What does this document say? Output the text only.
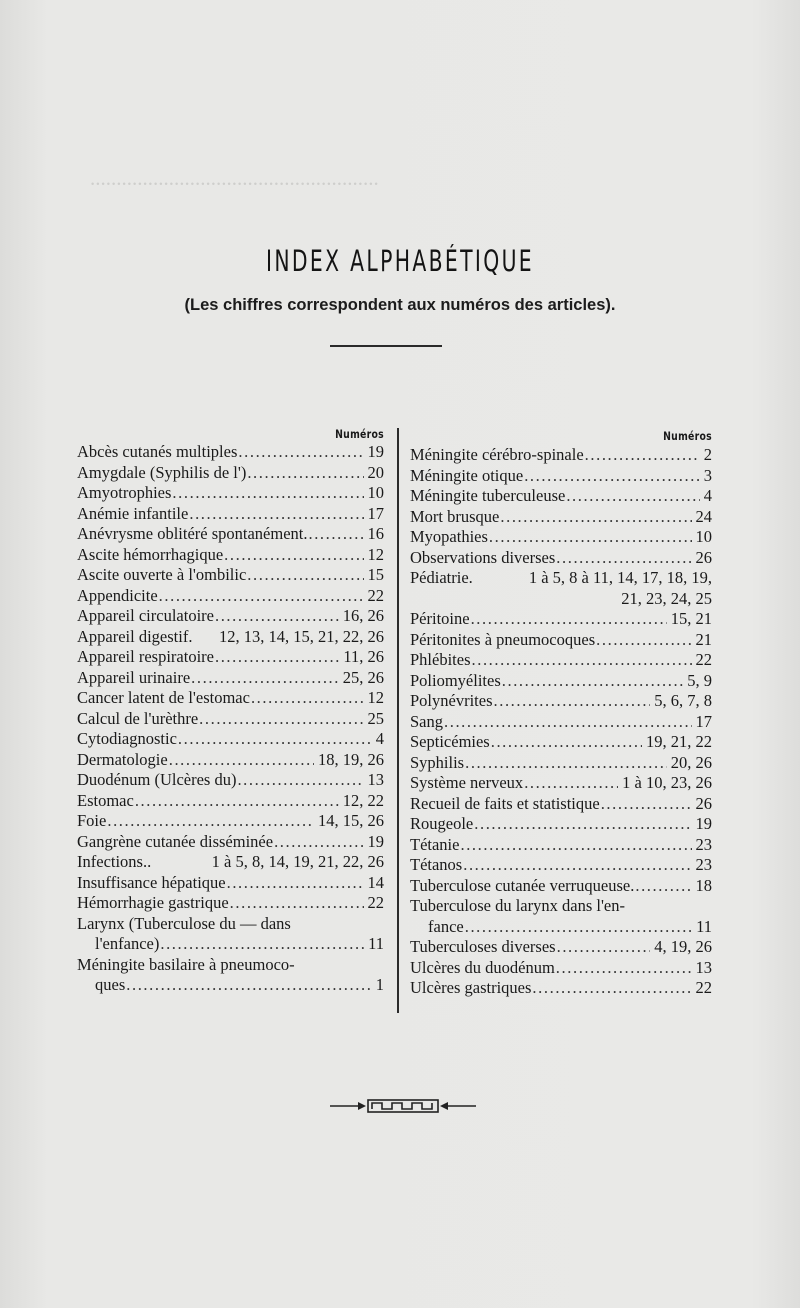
.......................................................
INDEX ALPHABÉTIQUE
(Les chiffres correspondent aux numéros des articles).
Numéros
Abcès cutanés multiples .....	19
Amygdale (Syphilis de l') .....	20
Amyotrophies .....	10
Anémie infantile .....	17
Anévrysme oblitéré spontanément. .....	16
Ascite hémorrhagique .....	12
Ascite ouverte à l'ombilic .....	15
Appendicite .....	22
Appareil circulatoire .....	16, 26
Appareil digestif. 12, 13, 14, 15, 21, 22, 26
Appareil respiratoire .....	11, 26
Appareil urinaire .....	25, 26
Cancer latent de l'estomac .....	12
Calcul de l'urèthre .....	25
Cytodiagnostic .....	4
Dermatologie .....	18, 19, 26
Duodénum (Ulcères du) .....	13
Estomac .....	12, 22
Foie .....	14, 15, 26
Gangrène cutanée disséminée .....	19
Infections..	1 à 5, 8, 14, 19, 21, 22, 26
Insuffisance hépatique .....	14
Hémorrhagie gastrique .....	22
Larynx (Tuberculose du — dans
l'enfance) .....	11
Méningite basilaire à pneumoco-
ques .....	1
Numéros
Méningite cérébro-spinale .....	2
Méningite otique .....	3
Méningite tuberculeuse .....	4
Mort brusque .....	24
Myopathies .....	10
Observations diverses .....	26
Pédiatrie.	1 à 5, 8 à 11, 14, 17, 18, 19,
21, 23, 24, 25
Péritoine .....	15, 21
Péritonites à pneumocoques .....	21
Phlébites .....	22
Poliomyélites .....	5, 9
Polynévrites .....	5, 6, 7, 8
Sang .....	17
Septicémies .....	19, 21, 22
Syphilis .....	20, 26
Système nerveux .....	1 à 10, 23, 26
Recueil de faits et statistique .....	26
Rougeole .....	19
Tétanie .....	23
Tétanos .....	23
Tuberculose cutanée verruqueuse. .....	18
Tuberculose du larynx dans l'en-
fance .....	11
Tuberculoses diverses .....	4, 19, 26
Ulcères du duodénum .....	13
Ulcères gastriques .....	22
